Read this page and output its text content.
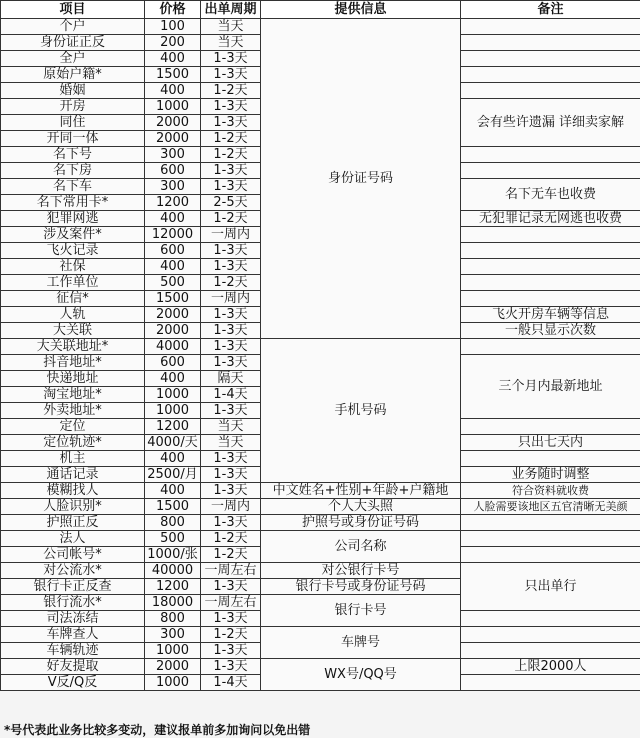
项目	价格	出单周期	提供信息	备注
个户	100	当天	身份证号码	
身份证正反	200	当天		
全户	400	1-3天		
原始户籍*	1500	1-3天		
婚姻	400	1-2天		
开房	1000	1-3天		会有些许遗漏 详细卖家解
同住	2000	1-3天		
开同一体	2000	1-2天		
名下号	300	1-2天		
名下房	600	1-3天		
名下车	300	1-3天		名下无车也收费
名下常用卡*	1200	2-5天		
犯罪网逃	400	1-2天		无犯罪记录无网逃也收费
涉及案件*	12000	一周内		
飞火记录	600	1-3天		
社保	400	1-3天		
工作单位	500	1-2天		
征信*	1500	一周内		
人轨	2000	1-3天		飞火开房车辆等信息
大关联	2000	1-3天		一般只显示次数
大关联地址*	4000	1-3天	手机号码	
抖音地址*	600	1-3天		三个月内最新地址
快递地址	400	隔天		
淘宝地址*	1000	1-4天		
外卖地址*	1000	1-3天		
定位	1200	当天		
定位轨迹*	4000/天	当天		只出七天内
机主	400	1-3天		
通话记录	2500/月	1-3天		业务随时调整
模糊找人	400	1-3天	中文姓名+性别+年龄+户籍地	符合资料就收费
人脸识别*	1500	一周内	个人大头照	人脸需要该地区五官清晰无美颜
护照正反	800	1-3天	护照号或身份证号码	
法人	500	1-2天	公司名称	
公司帐号*	1000/张	1-2天		
对公流水*	40000	一周左右	对公银行卡号	只出单行
银行卡正反查	1200	1-3天	银行卡号或身份证号码	
银行流水*	18000	一周左右	银行卡号	
司法冻结	800	1-3天		
车牌查人	300	1-2天	车牌号	
车辆轨迹	1000	1-3天		
好友提取	2000	1-3天	WX号/QQ号	上限2000人
V反/Q反	1000	1-4天		
*号代表此业务比较多变动，建议报单前多加询问以免出错
